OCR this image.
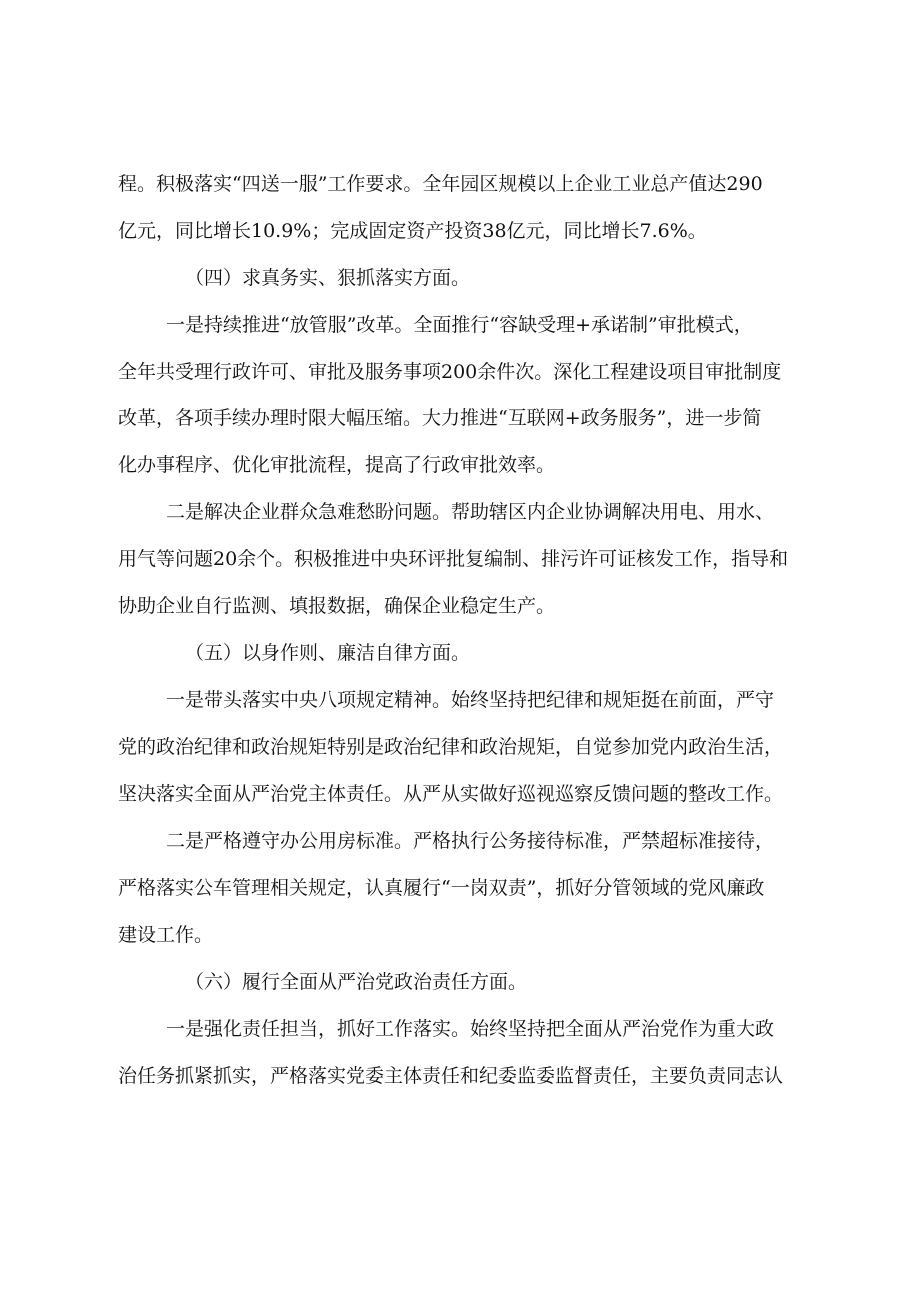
程。积极落实“四送一服”工作要求。全年园区规模以上企业工业总产值达290
亿元，同比增长10.9%；完成固定资产投资38亿元，同比增长7.6%。
（四）求真务实、狠抓落实方面。
一是持续推进“放管服”改革。全面推行“容缺受理+承诺制”审批模式，
全年共受理行政许可、审批及服务事项200余件次。深化工程建设项目审批制度
改革，各项手续办理时限大幅压缩。大力推进“互联网+政务服务”，进一步简
化办事程序、优化审批流程，提高了行政审批效率。
二是解决企业群众急难愁盼问题。帮助辖区内企业协调解决用电、用水、
用气等问题20余个。积极推进中央环评批复编制、排污许可证核发工作，指导和
协助企业自行监测、填报数据，确保企业稳定生产。
（五）以身作则、廉洁自律方面。
一是带头落实中央八项规定精神。始终坚持把纪律和规矩挺在前面，严守
党的政治纪律和政治规矩特别是政治纪律和政治规矩，自觉参加党内政治生活，
坚决落实全面从严治党主体责任。从严从实做好巡视巡察反馈问题的整改工作。
二是严格遵守办公用房标准。严格执行公务接待标准，严禁超标准接待，
严格落实公车管理相关规定，认真履行“一岗双责”，抓好分管领域的党风廉政
建设工作。
（六）履行全面从严治党政治责任方面。
一是强化责任担当，抓好工作落实。始终坚持把全面从严治党作为重大政
治任务抓紧抓实，严格落实党委主体责任和纪委监委监督责任，主要负责同志认
